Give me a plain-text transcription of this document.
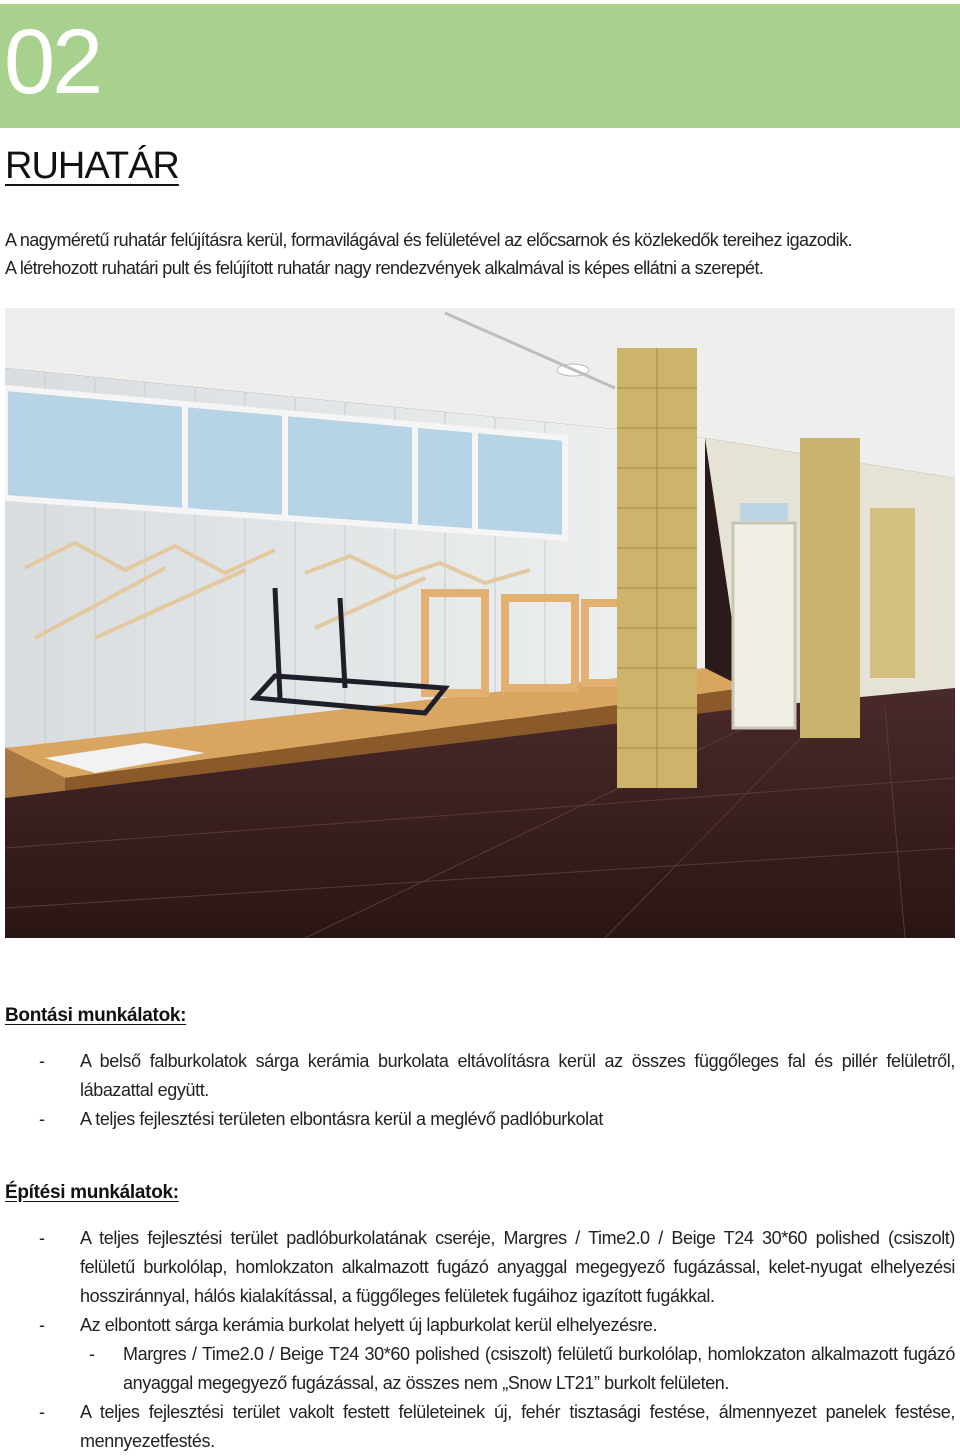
02
RUHATÁR

A nagyméretű ruhatár felújításra kerül, formavilágával és felületével az előcsarnok és közlekedők tereihez igazodik.

A létrehozott ruhatári pult és felújított ruhatár nagy rendezvények alkalmával is képes ellátni a szerepét.

Bontási munkálatok:
- A belső falburkolatok sárga kerámia burkolata eltávolításra kerül az összes függőleges fal és pillér felületről, lábazattal együtt.
- A teljes fejlesztési területen elbontásra kerül a meglévő padlóburkolat
Építési munkálatok:
- A teljes fejlesztési terület padlóburkolatának cseréje, Margres / Time2.0 / Beige T24 30*60 polished (csiszolt) felületű burkolólap, homlokzaton alkalmazott fugázó anyaggal megegyező fugázással, kelet-nyugat elhelyezési hossziránnyal, hálós kialakítással, a függőleges felületek fugáihoz igazított fugákkal.
- Az elbontott sárga kerámia burkolat helyett új lapburkolat kerül elhelyezésre.
- Margres / Time2.0 / Beige T24 30*60 polished (csiszolt) felületű burkolólap, homlokzaton alkalmazott fugázó anyaggal megegyező fugázással, az összes nem „Snow LT21” burkolt felületen.
- A teljes fejlesztési terület vakolt festett felületeinek új, fehér tisztasági festése, álmennyezet panelek festése, mennyezetfestés.
